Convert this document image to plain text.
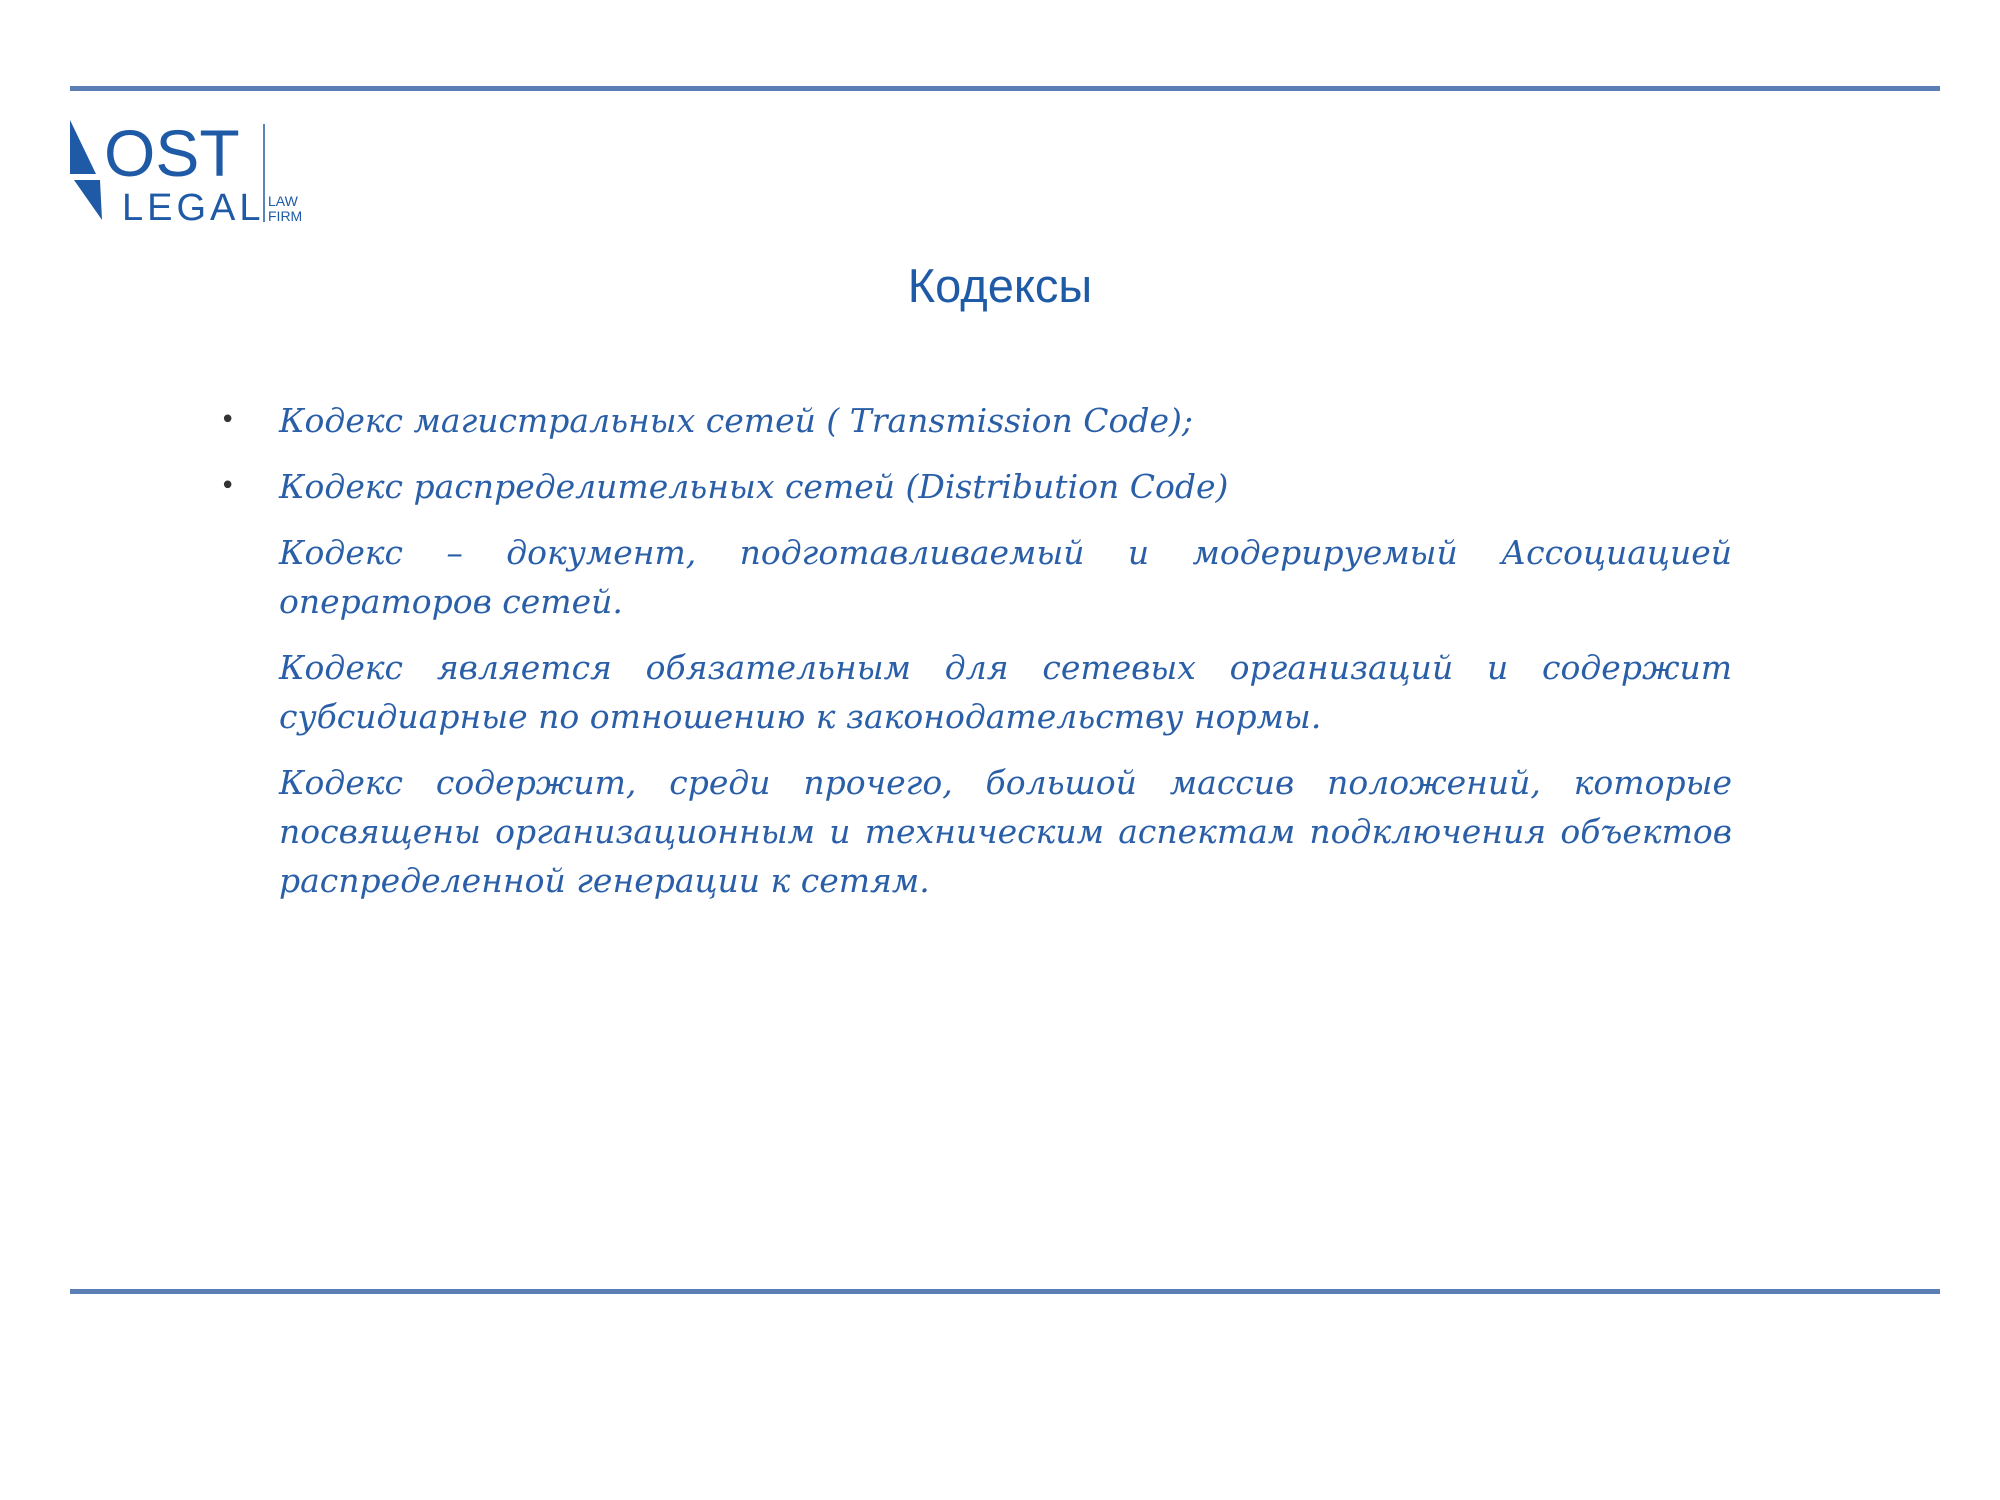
OST
LEGAL LAW
FIRM
Кодексы
• Кодекс магистральных сетей ( Transmission Code);
• Кодекс распределительных сетей (Distribution Code)
Кодекс – документ, подготавливаемый и модерируемый Ассоциацией операторов сетей.
Кодекс является обязательным для сетевых организаций и содержит субсидиарные по отношению к законодательству нормы.
Кодекс содержит, среди прочего, большой массив положений, которые посвящены организационным и техническим аспектам подключения объектов распределенной генерации к сетям.
